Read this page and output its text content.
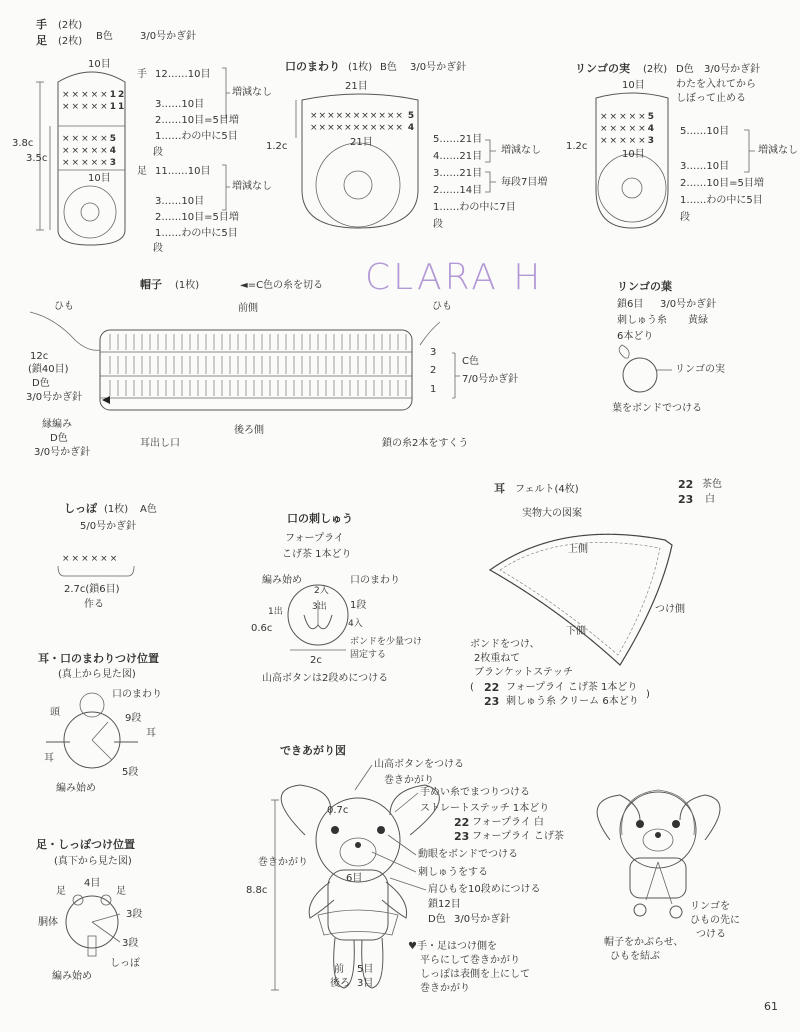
手 (2枚)
足 (2枚) B色	3/0号かぎ針
10目
×××××12
×××××11
×××××5
×××××4
×××××3
3.8c
3.5c
10目
手 12……10目
3……10目
2……10目=5目増
1……わの中に5目
増減なし
段
足 11……10目
3……10目
2……10目=5目増
1……わの中に5目
増減なし
段
口のまわり (1枚) B色 3/0号かぎ針
21目
××××××××××× 5
××××××××××× 4
21目
1.2c
5……21目
4……21目
3……21目
2……14目
1……わの中に7目
増減なし
毎段7目増
段
リンゴの実 (2枚) D色 3/0号かぎ針
わたを入れてから
しぼって止める
10目
×××××5
×××××4
×××××3
10目
1.2c
5……10目
3……10目
2……10目=5目増
1……わの中に5目
増減なし
段
CLARA H
帽子 (1枚)	◄=C色の糸を切る
前側
後ろ側
ひも	ひも
12c
(鎖40目)
D色
3/0号かぎ針
3
2
1
C色
7/0号かぎ針
縁編み
D色
3/0号かぎ針
耳出し口	鎖の糸2本をすくう
リンゴの葉
鎖6目 3/0号かぎ針
刺しゅう糸 黄緑
6本どり
リンゴの実
葉をボンドでつける
しっぽ (1枚) A色
5/0号かぎ針
××××××
2.7c(鎖6目)
作る
口の刺しゅう
フォープライ
こげ茶 1本どり
編み始め	口のまわり
2入
3出
1出
4入
1段
0.6c
2c
ボンドを少量つけ
固定する
山高ボタンは2段めにつける
耳 フェルト(4枚)	22 茶色
23 白
実物大の図案
上側
下側
つけ側
ボンドをつけ、
2枚重ねて
ブランケットステッチ
( 22 フォープライ こげ茶 1本どり
23 刺しゅう糸 クリーム 6本どり
)
耳・口のまわりつけ位置
(真上から見た図)
口のまわり
頭
9段
耳
耳
5段
編み始め
足・しっぽつけ位置
(真下から見た図)
4目
足	足
胴体
3段
3段
しっぽ
編み始め
できあがり図
山高ボタンをつける
巻きかがり
手ぬい糸でまつりつける
ストレートステッチ 1本どり
22 フォープライ 白
23 フォープライ こげ茶
動眼をボンドでつける
刺しゅうをする
肩ひもを10段めにつける
鎖12目
D色 3/0号かぎ針
0.7c
8.8c
巻きかがり
6目
♥手・足はつけ側を
平らにして巻きかがり
しっぽは表側を上にして
巻きかがり
前 5目
後ろ 3目
リンゴを
ひもの先に
つける
帽子をかぶらせ、
ひもを結ぶ
61
